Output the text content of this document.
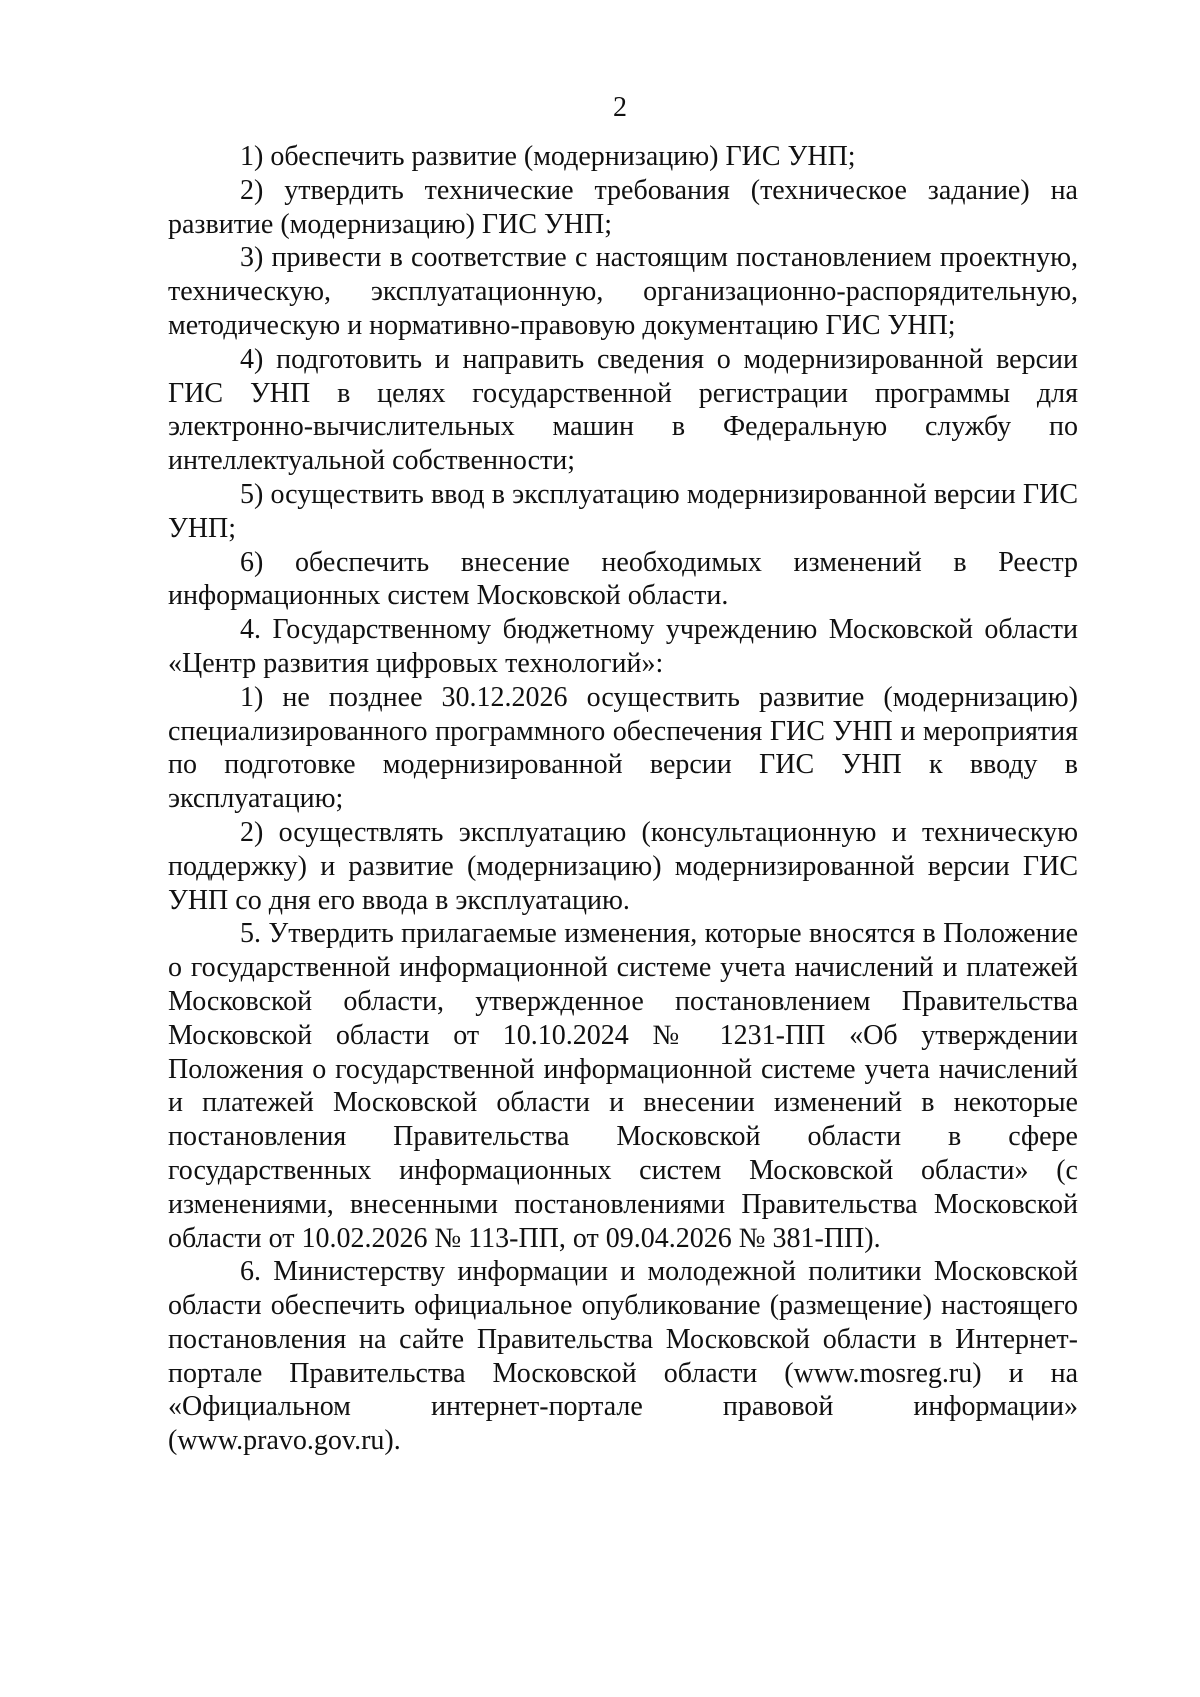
2

1) обеспечить развитие (модернизацию) ГИС УНП;

2) утвердить технические требования (техническое задание) на развитие (модернизацию) ГИС УНП;

3) привести в соответствие с настоящим постановлением проектную, техническую, эксплуатационную, организационно-распорядительную, методическую и нормативно-правовую документацию ГИС УНП;

4) подготовить и направить сведения о модернизированной версии ГИС УНП в целях государственной регистрации программы для электронно-вычислительных машин в Федеральную службу по интеллектуальной собственности;

5) осуществить ввод в эксплуатацию модернизированной версии ГИС УНП;

6) обеспечить внесение необходимых изменений в Реестр информационных систем Московской области.

4. Государственному бюджетному учреждению Московской области «Центр развития цифровых технологий»:

1) не позднее 30.12.2026 осуществить развитие (модернизацию) специализированного программного обеспечения ГИС УНП и мероприятия по подготовке модернизированной версии ГИС УНП к вводу в эксплуатацию;

2) осуществлять эксплуатацию (консультационную и техническую поддержку) и развитие (модернизацию) модернизированной версии ГИС УНП со дня его ввода в эксплуатацию.

5. Утвердить прилагаемые изменения, которые вносятся в Положение о государственной информационной системе учета начислений и платежей Московской области, утвержденное постановлением Правительства Московской области от 10.10.2024 № 1231-ПП «Об утверждении Положения о государственной информационной системе учета начислений и платежей Московской области и внесении изменений в некоторые постановления Правительства Московской области в сфере государственных информационных систем Московской области» (с изменениями, внесенными постановлениями Правительства Московской области от 10.02.2026 № 113-ПП, от 09.04.2026 № 381-ПП).

6. Министерству информации и молодежной политики Московской области обеспечить официальное опубликование (размещение) настоящего постановления на сайте Правительства Московской области в Интернет-портале Правительства Московской области (www.mosreg.ru) и на «Официальном интернет-портале правовой информации» (www.pravo.gov.ru).
